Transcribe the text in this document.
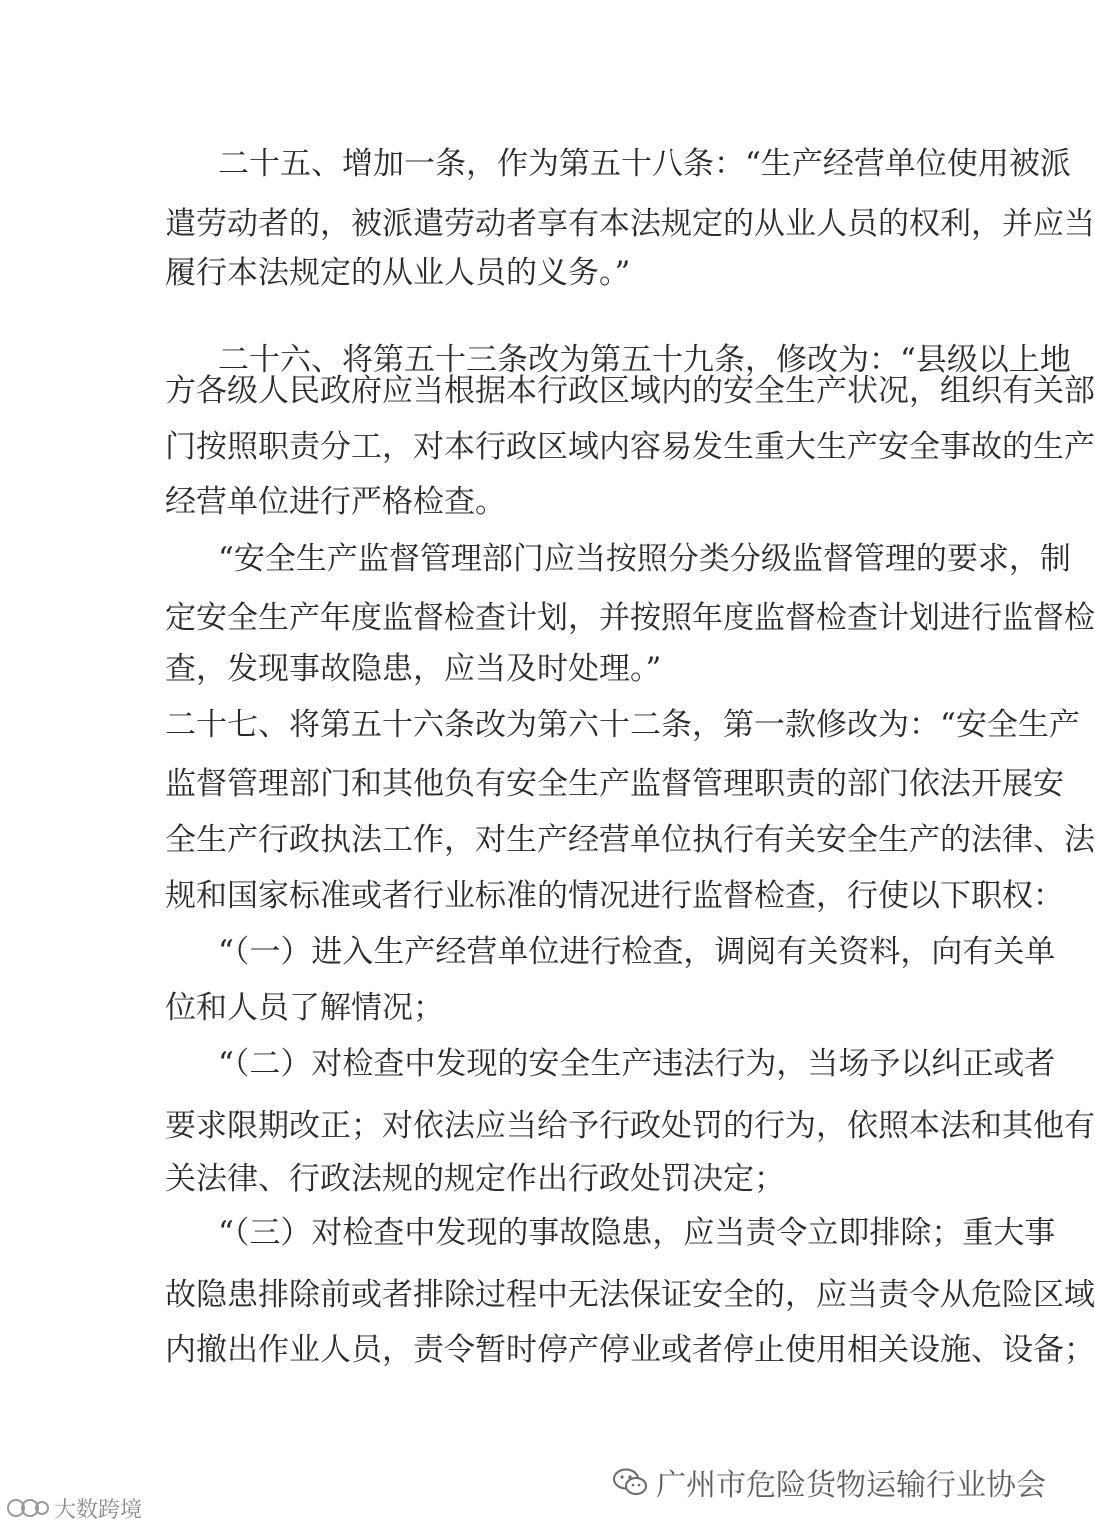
二十五、增加一条，作为第五十八条：“生产经营单位使用被派
遣劳动者的，被派遣劳动者享有本法规定的从业人员的权利，并应当
履行本法规定的从业人员的义务。”
二十六、将第五十三条改为第五十九条，修改为：“县级以上地
方各级人民政府应当根据本行政区域内的安全生产状况，组织有关部
门按照职责分工，对本行政区域内容易发生重大生产安全事故的生产
经营单位进行严格检查。
“安全生产监督管理部门应当按照分类分级监督管理的要求，制
定安全生产年度监督检查计划，并按照年度监督检查计划进行监督检
查，发现事故隐患，应当及时处理。”
二十七、将第五十六条改为第六十二条，第一款修改为：“安全生产
监督管理部门和其他负有安全生产监督管理职责的部门依法开展安
全生产行政执法工作，对生产经营单位执行有关安全生产的法律、法
规和国家标准或者行业标准的情况进行监督检查，行使以下职权：
“（一）进入生产经营单位进行检查，调阅有关资料，向有关单
位和人员了解情况；
“（二）对检查中发现的安全生产违法行为，当场予以纠正或者
要求限期改正；对依法应当给予行政处罚的行为，依照本法和其他有
关法律、行政法规的规定作出行政处罚决定；
“（三）对检查中发现的事故隐患，应当责令立即排除；重大事
故隐患排除前或者排除过程中无法保证安全的，应当责令从危险区域
内撤出作业人员，责令暂时停产停业或者停止使用相关设施、设备；
广州市危险货物运输行业协会
大数跨境
